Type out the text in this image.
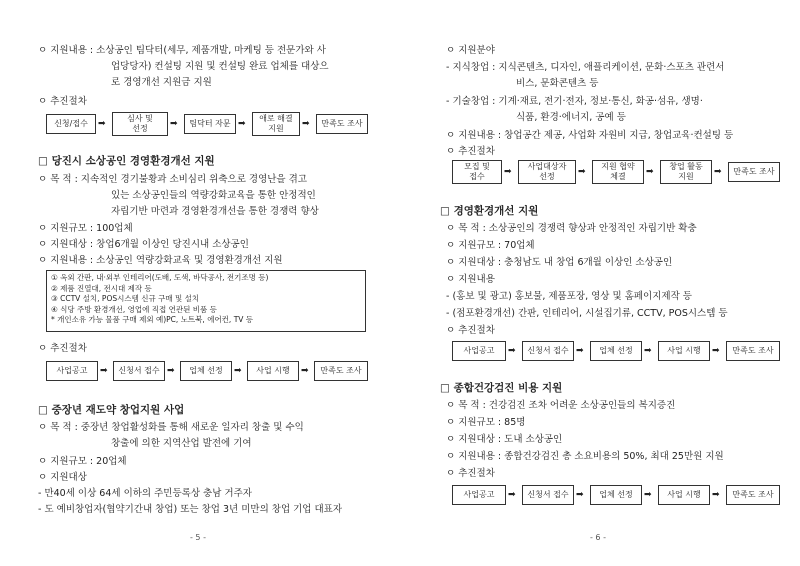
ㅇ 지원내용 : 소상공인 팀닥터(세무, 제품개발, 마케팅 등 전문가와 사
업당당자) 컨설팅 지원 및 컨설팅 완료 업체를 대상으
로 경영개선 지원금 지원
ㅇ 추진절차
신청/접수	➡
심사 및
선정	➡	팀닥터 자문 ➡
애로 해결
지원	➡	만족도 조사
□ 당진시 소상공인 경영환경개선 지원
ㅇ 목 적 : 지속적인 경기불황과 소비심리 위축으로 경영난을 겪고
있는 소상공인들의 역량강화교육을 통한 안정적인
자립기반 마련과 경영환경개선을 통한 경쟁력 향상
ㅇ 지원규모 : 100업체
ㅇ 지원대상 : 창업6개월 이상인 당진시내 소상공인
ㅇ 지원내용 : 소상공인 역량강화교육 및 경영환경개선 지원
① 옥외 간판, 내·외부 인테리어(도배, 도색, 바닥공사, 전기조명 등)
② 제품 진열대, 전시대 제작 등
③ CCTV 설치, POS시스템 신규 구매 및 설치
④ 식당 주방 환경개선, 영업에 직접 연관된 비품 등
* 개인소유 가능 물품 구매 제외 예)PC, 노트북, 에어컨, TV 등
ㅇ 추진절차
사업공고	➡	신청서 접수 ➡	업체 선정	➡	사업 시행	➡	만족도 조사
□ 중장년 재도약 창업지원 사업
ㅇ 목 적 : 중장년 창업활성화를 통해 새로운 일자리 창출 및 수익
창출에 의한 지역산업 발전에 기여
ㅇ 지원규모 : 20업체
ㅇ 지원대상
- 만40세 이상 64세 이하의 주민등록상 충남 거주자
- 도 예비창업자(협약기간내 창업) 또는 창업 3년 미만의 창업 기업 대표자
- 5 -
ㅇ 지원분야
- 지식창업 : 지식콘텐츠, 디자인, 애플리케이션, 문화·스포츠 관련서
비스, 문화콘텐츠 등
- 기술창업 : 기계·재료, 전기·전자, 정보·통신, 화공·섬유, 생명·
식품, 환경·에너지, 공예 등
ㅇ 지원내용 : 창업공간 제공, 사업화 자원비 지급, 창업교육·컨설팅 등
ㅇ 추진절차
모집 및
접수	➡
사업대상자
선정	➡
지원 협약
체결	➡
창업 활동
지원	➡	만족도 조사
□ 경영환경개선 지원
ㅇ 목 적 : 소상공인의 경쟁력 향상과 안정적인 자립기반 확충
ㅇ 지원규모 : 70업체
ㅇ 지원대상 : 충청남도 내 창업 6개월 이상인 소상공인
ㅇ 지원내용
- (홍보 및 광고) 홍보물, 제품포장, 영상 및 홈페이지제작 등
- (점포환경개선) 간판, 인테리어, 시설집기류, CCTV, POS시스템 등
ㅇ 추진절차
사업공고	➡	신청서 접수 ➡	업체 선정	➡	사업 시행	➡	만족도 조사
□ 종합건강검진 비용 지원
ㅇ 목 적 : 건강검진 조차 어려운 소상공인들의 복지증진
ㅇ 지원규모 : 85명
ㅇ 지원대상 : 도내 소상공인
ㅇ 지원내용 : 종합건강검진 총 소요비용의 50%, 최대 25만원 지원
ㅇ 추진절차
사업공고	➡	신청서 접수 ➡	업체 선정	➡	사업 시행	➡	만족도 조사
- 6 -
